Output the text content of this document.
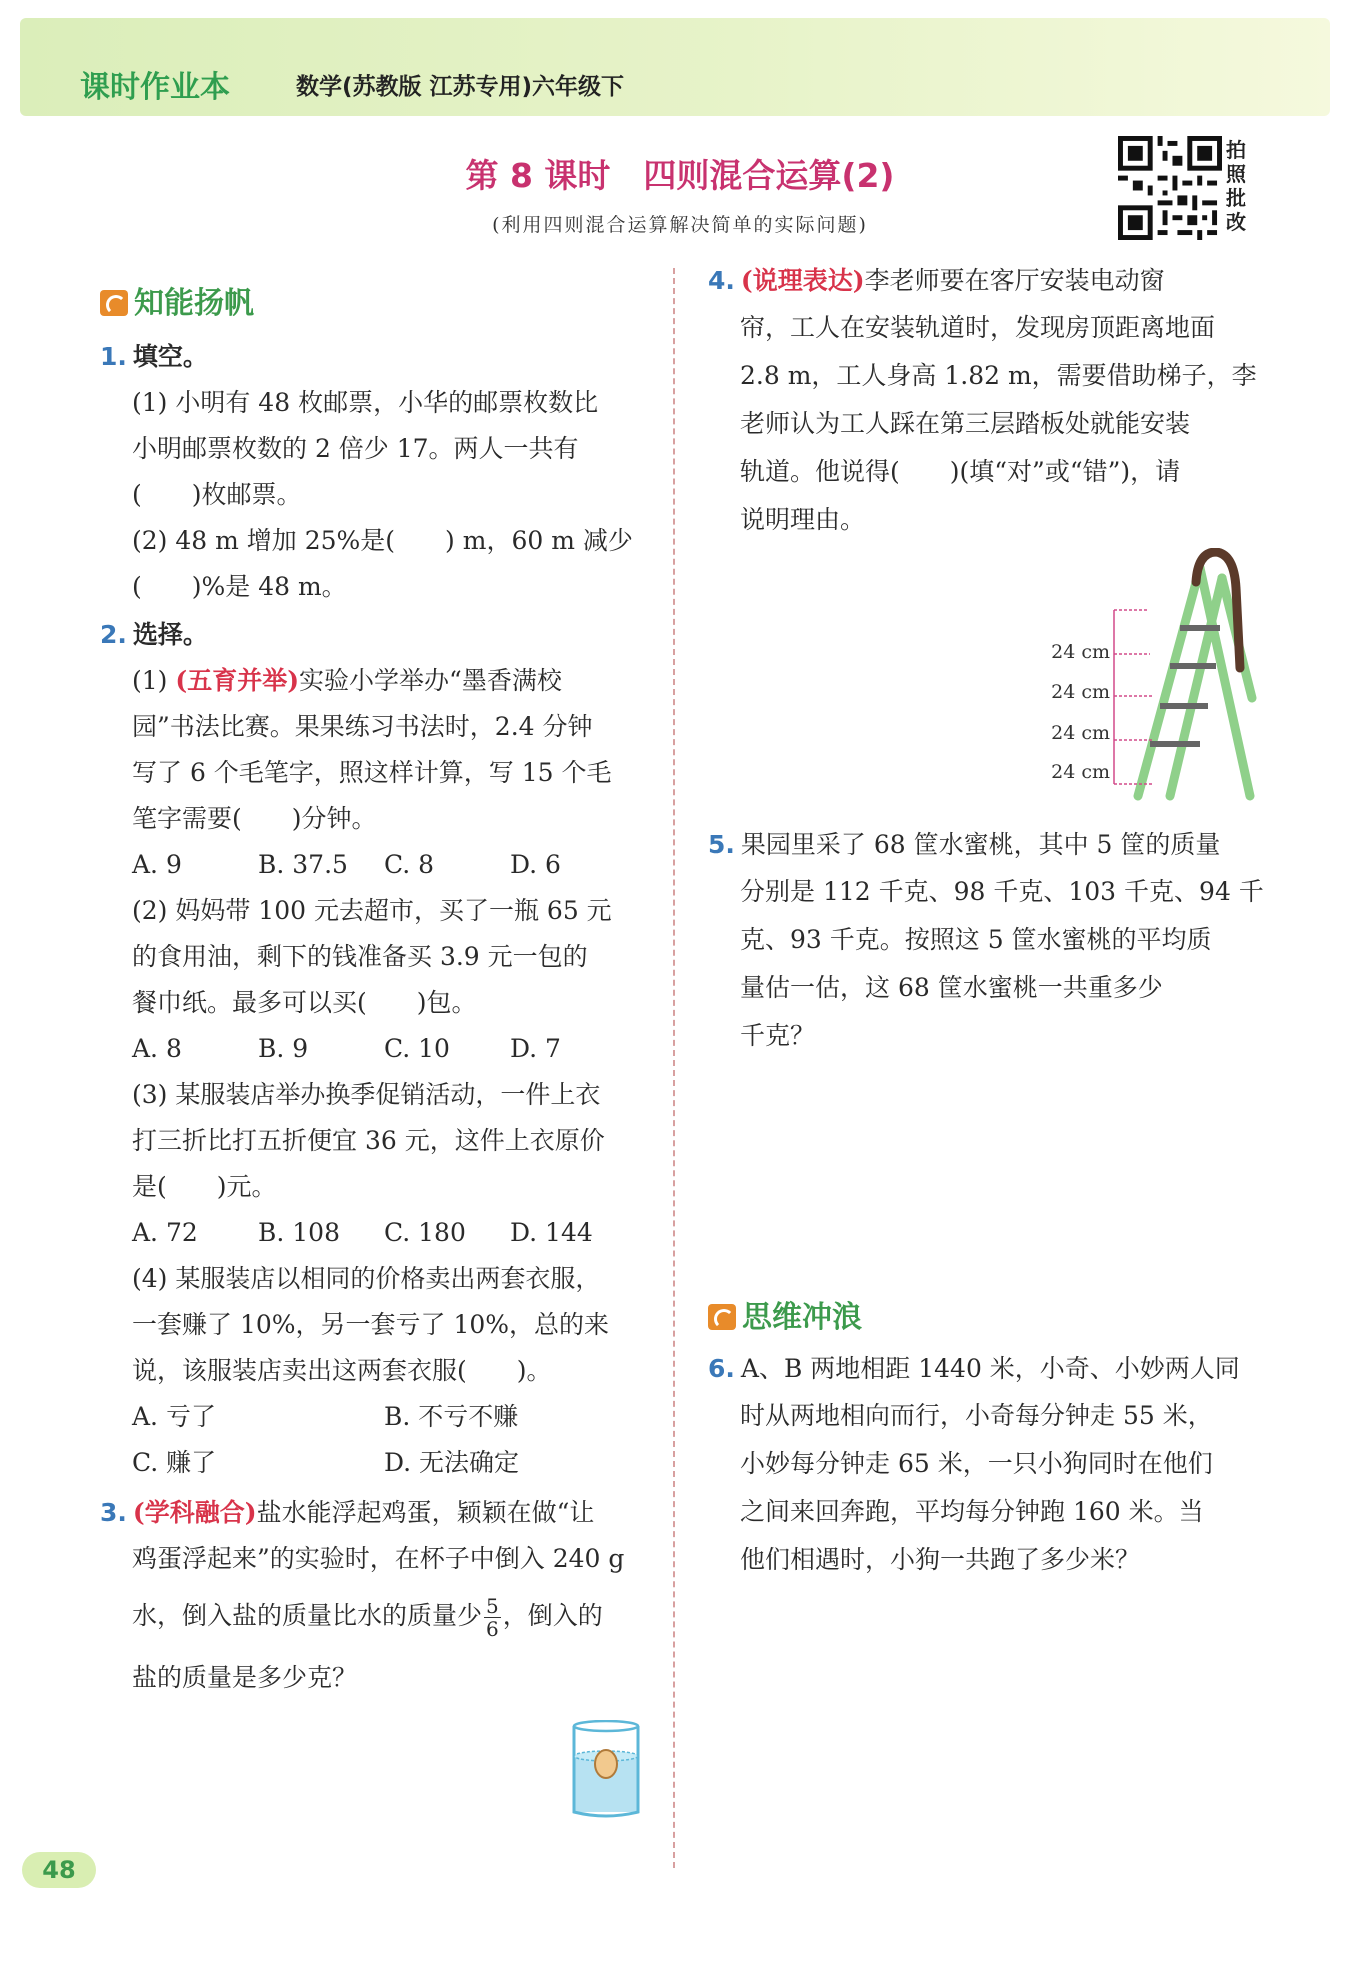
课时作业本	数学(苏教版 江苏专用)六年级下
第 8 课时　四则混合运算(2)
(利用四则混合运算解决简单的实际问题)
拍
照
批
改
知能扬帆
1. 填空。
(1) 小明有 48 枚邮票，小华的邮票枚数比
小明邮票枚数的 2 倍少 17。两人一共有
(　　)枚邮票。
(2) 48 m 增加 25%是(　　) m，60 m 减少
(　　)%是 48 m。
2. 选择。
(1) (五育并举)实验小学举办“墨香满校
园”书法比赛。果果练习书法时，2.4 分钟
写了 6 个毛笔字，照这样计算，写 15 个毛
笔字需要(　　)分钟。
A. 9	B. 37.5 C. 8	D. 6
(2) 妈妈带 100 元去超市，买了一瓶 65 元
的食用油，剩下的钱准备买 3.9 元一包的
餐巾纸。最多可以买(　　)包。
A. 8	B. 9	C. 10 D. 7
(3) 某服装店举办换季促销活动，一件上衣
打三折比打五折便宜 36 元，这件上衣原价
是(　　)元。
A. 72 B. 108 C. 180 D. 144
(4) 某服装店以相同的价格卖出两套衣服，
一套赚了 10%，另一套亏了 10%，总的来
说，该服装店卖出这两套衣服(　　)。
A. 亏了	B. 不亏不赚
C. 赚了	D. 无法确定
3. (学科融合)盐水能浮起鸡蛋，颖颖在做“让
鸡蛋浮起来”的实验时，在杯子中倒入 240 g
水，倒入盐的质量比水的质量少 $\frac{5}{6}$ ，倒入的
盐的质量是多少克？
4. (说理表达)李老师要在客厅安装电动窗
帘，工人在安装轨道时，发现房顶距离地面
2.8 m，工人身高 1.82 m，需要借助梯子，李
老师认为工人踩在第三层踏板处就能安装
轨道。他说得(　　)(填“对”或“错”)，请
说明理由。
24 cm
24 cm
24 cm
24 cm
5. 果园里采了 68 筐水蜜桃，其中 5 筐的质量
分别是 112 千克、98 千克、103 千克、94 千
克、93 千克。按照这 5 筐水蜜桃的平均质
量估一估，这 68 筐水蜜桃一共重多少
千克？
思维冲浪
6. A、B 两地相距 1440 米，小奇、小妙两人同
时从两地相向而行，小奇每分钟走 55 米，
小妙每分钟走 65 米，一只小狗同时在他们
之间来回奔跑，平均每分钟跑 160 米。当
他们相遇时，小狗一共跑了多少米？
48
